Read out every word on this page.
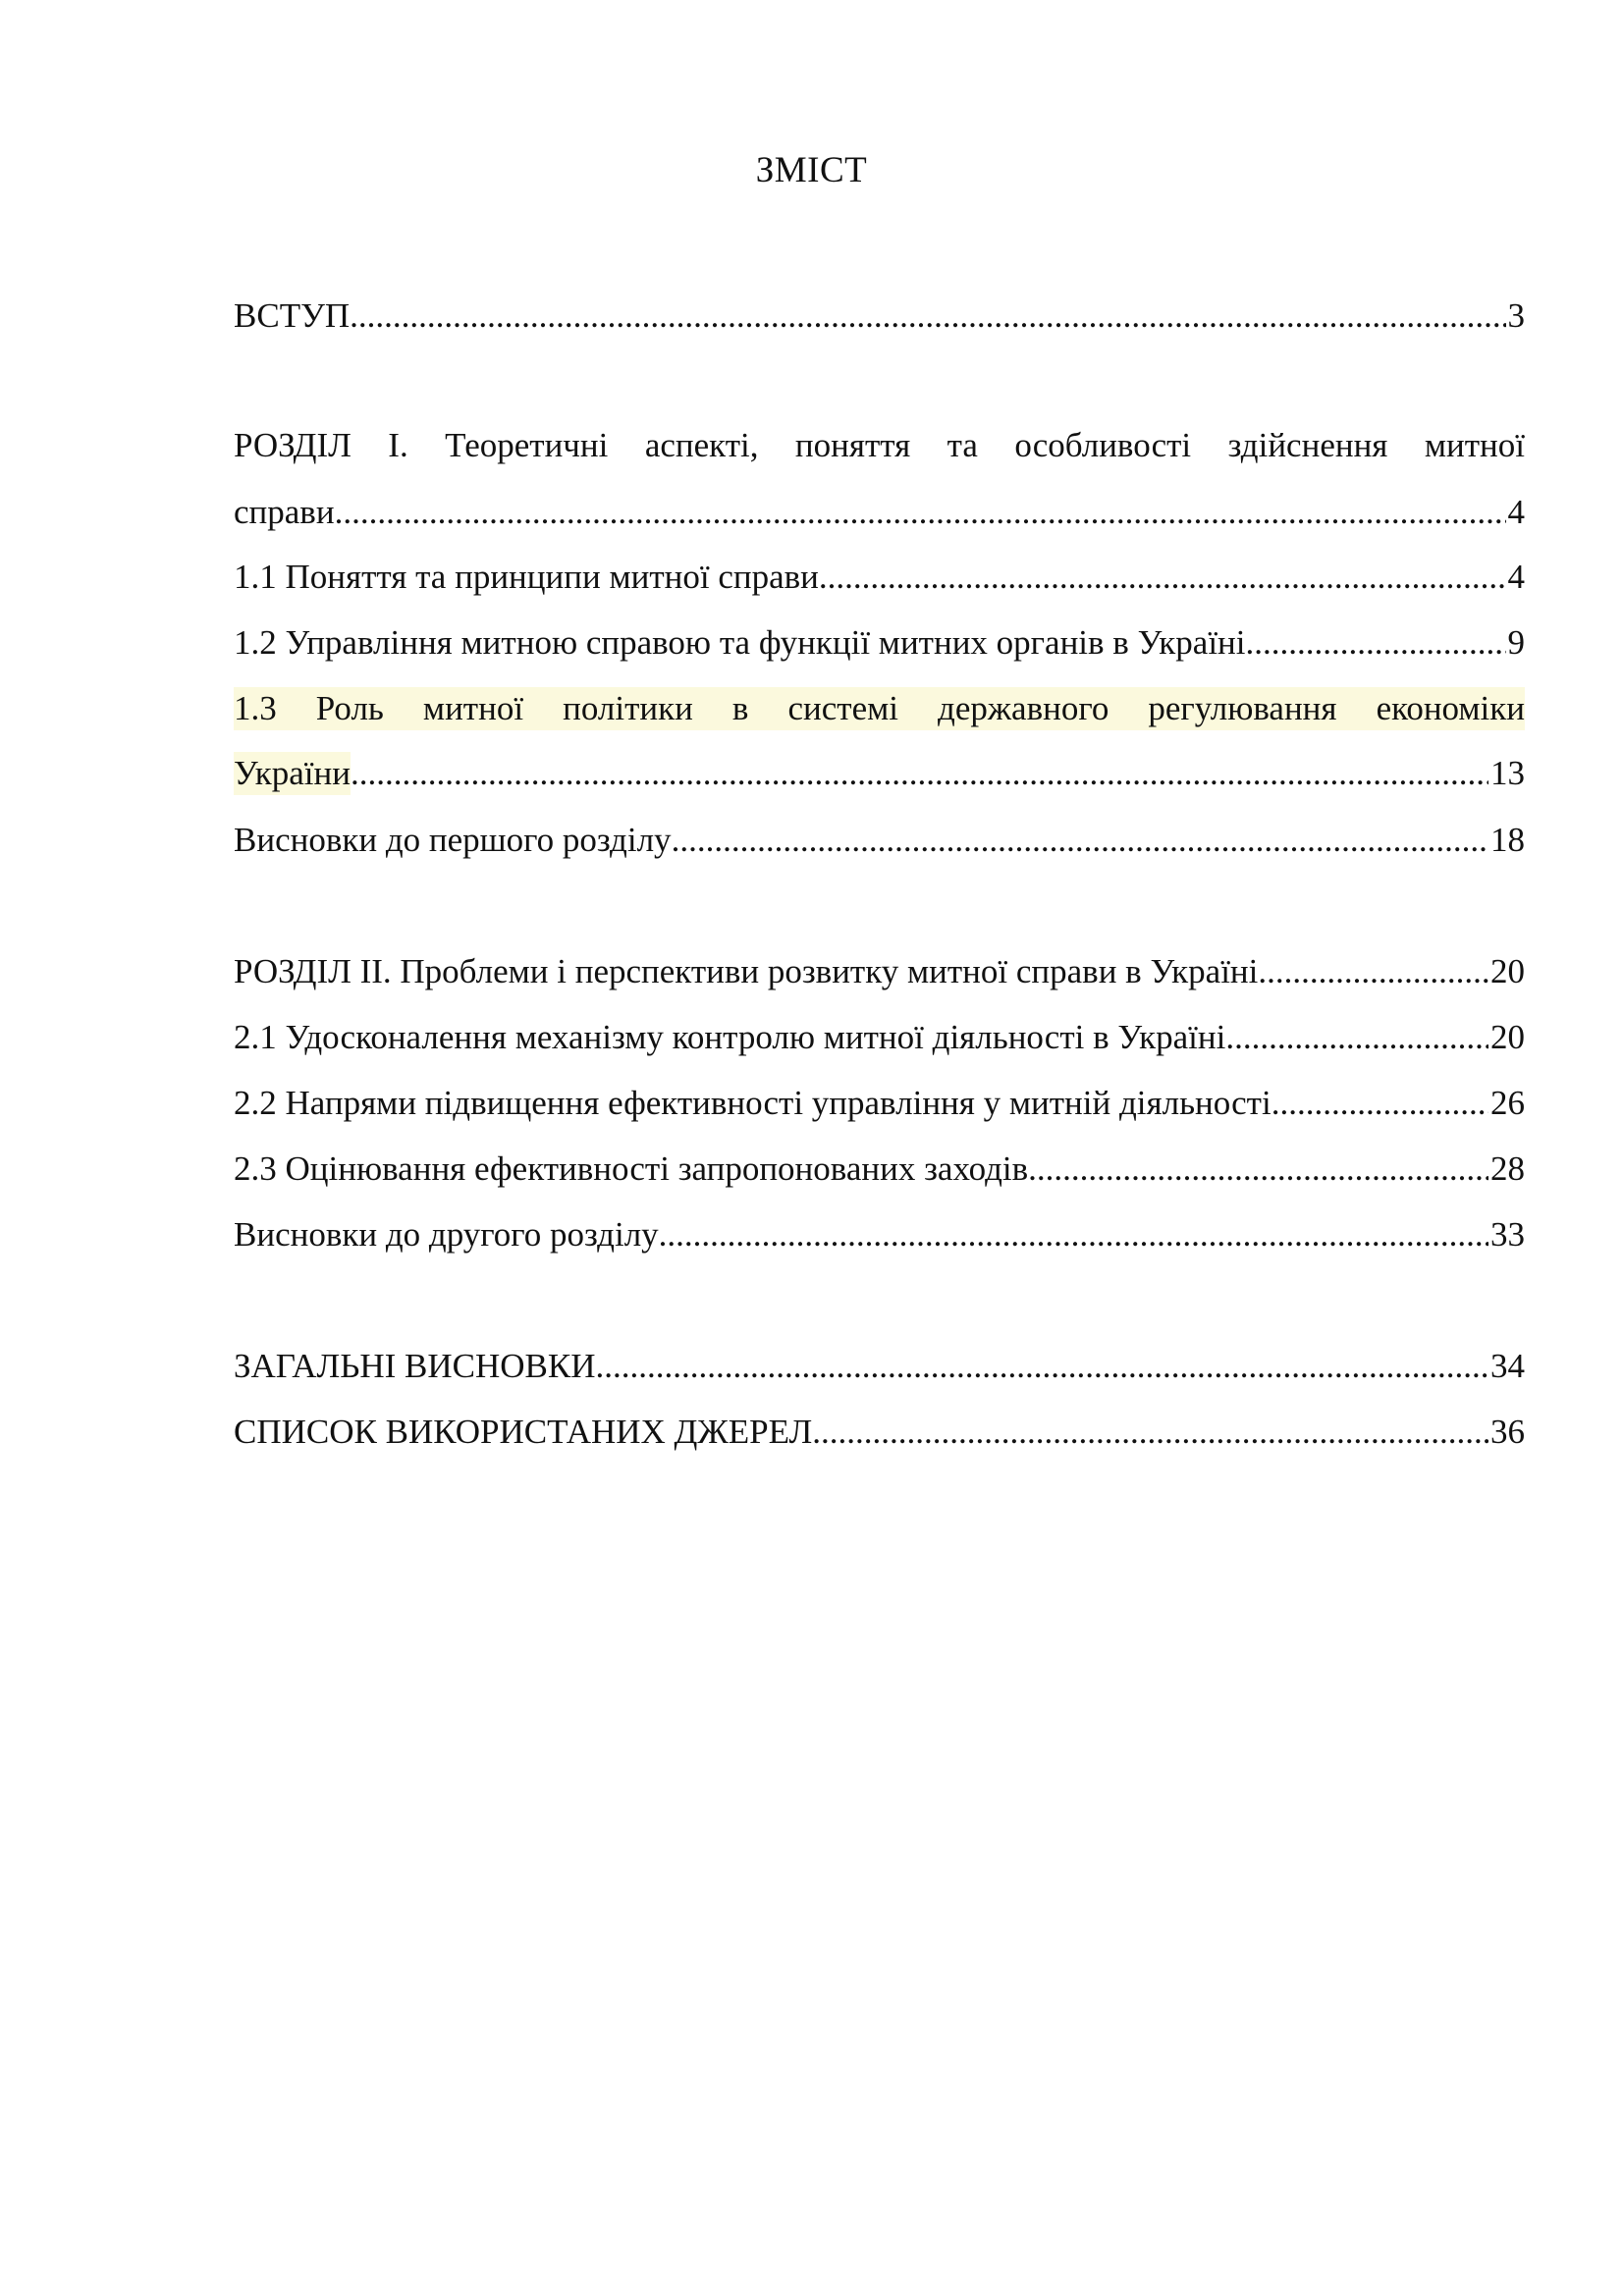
ЗМІСТ
ВСТУП .....	3
РОЗДІЛ І. Теоретичні аспекті, поняття та особливості здійснення митної
справи .....	4
1.1 Поняття та принципи митної справи .....	4
1.2 Управління митною справою та функції митних органів в Україні .....	9
1.3 Роль митної політики в системі державного регулювання економіки
України .....	13
Висновки до першого розділу .....	18
РОЗДІЛ ІІ. Проблеми і перспективи розвитку митної справи в Україні .....	20
2.1 Удосконалення механізму контролю митної діяльності в Україні .....	20
2.2 Напрями підвищення ефективності управління у митній діяльності .....	26
2.3 Оцінювання ефективності запропонованих заходів .....	28
Висновки до другого розділу .....	33
ЗАГАЛЬНІ ВИСНОВКИ .....	34
СПИСОК ВИКОРИСТАНИХ ДЖЕРЕЛ .....	36
